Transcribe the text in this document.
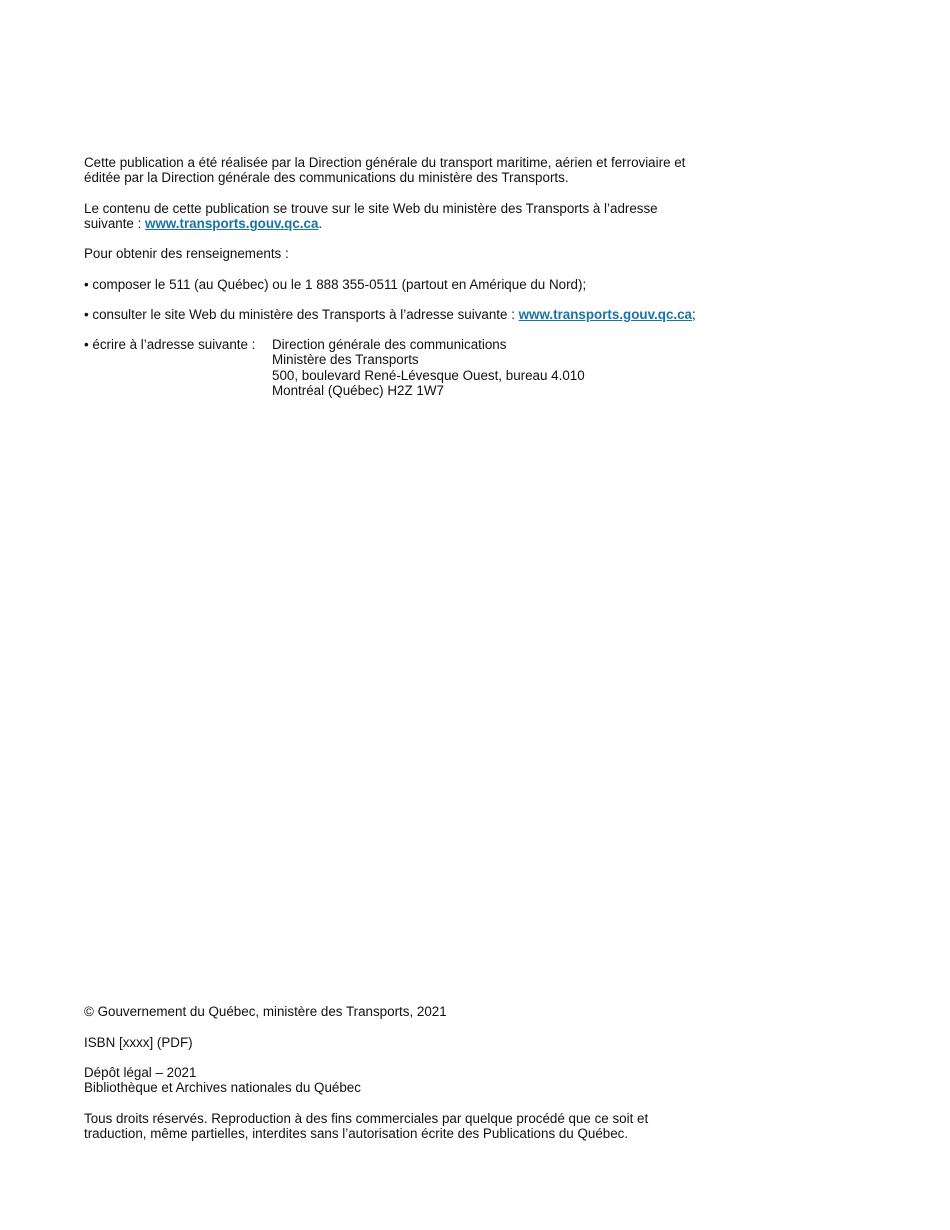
Cette publication a été réalisée par la Direction générale du transport maritime, aérien et ferroviaire et

éditée par la Direction générale des communications du ministère des Transports.

Le contenu de cette publication se trouve sur le site Web du ministère des Transports à l’adresse

suivante : www.transports.gouv.qc.ca.

Pour obtenir des renseignements :

• composer le 511 (au Québec) ou le 1 888 355-0511 (partout en Amérique du Nord);

• consulter le site Web du ministère des Transports à l’adresse suivante : www.transports.gouv.qc.ca;

• écrire à l’adresse suivante :	Direction générale des communications

Ministère des Transports

500, boulevard René-Lévesque Ouest, bureau 4.010

Montréal (Québec) H2Z 1W7

© Gouvernement du Québec, ministère des Transports, 2021

ISBN [xxxx] (PDF)

Dépôt légal – 2021

Bibliothèque et Archives nationales du Québec

Tous droits réservés. Reproduction à des fins commerciales par quelque procédé que ce soit et

traduction, même partielles, interdites sans l’autorisation écrite des Publications du Québec.
